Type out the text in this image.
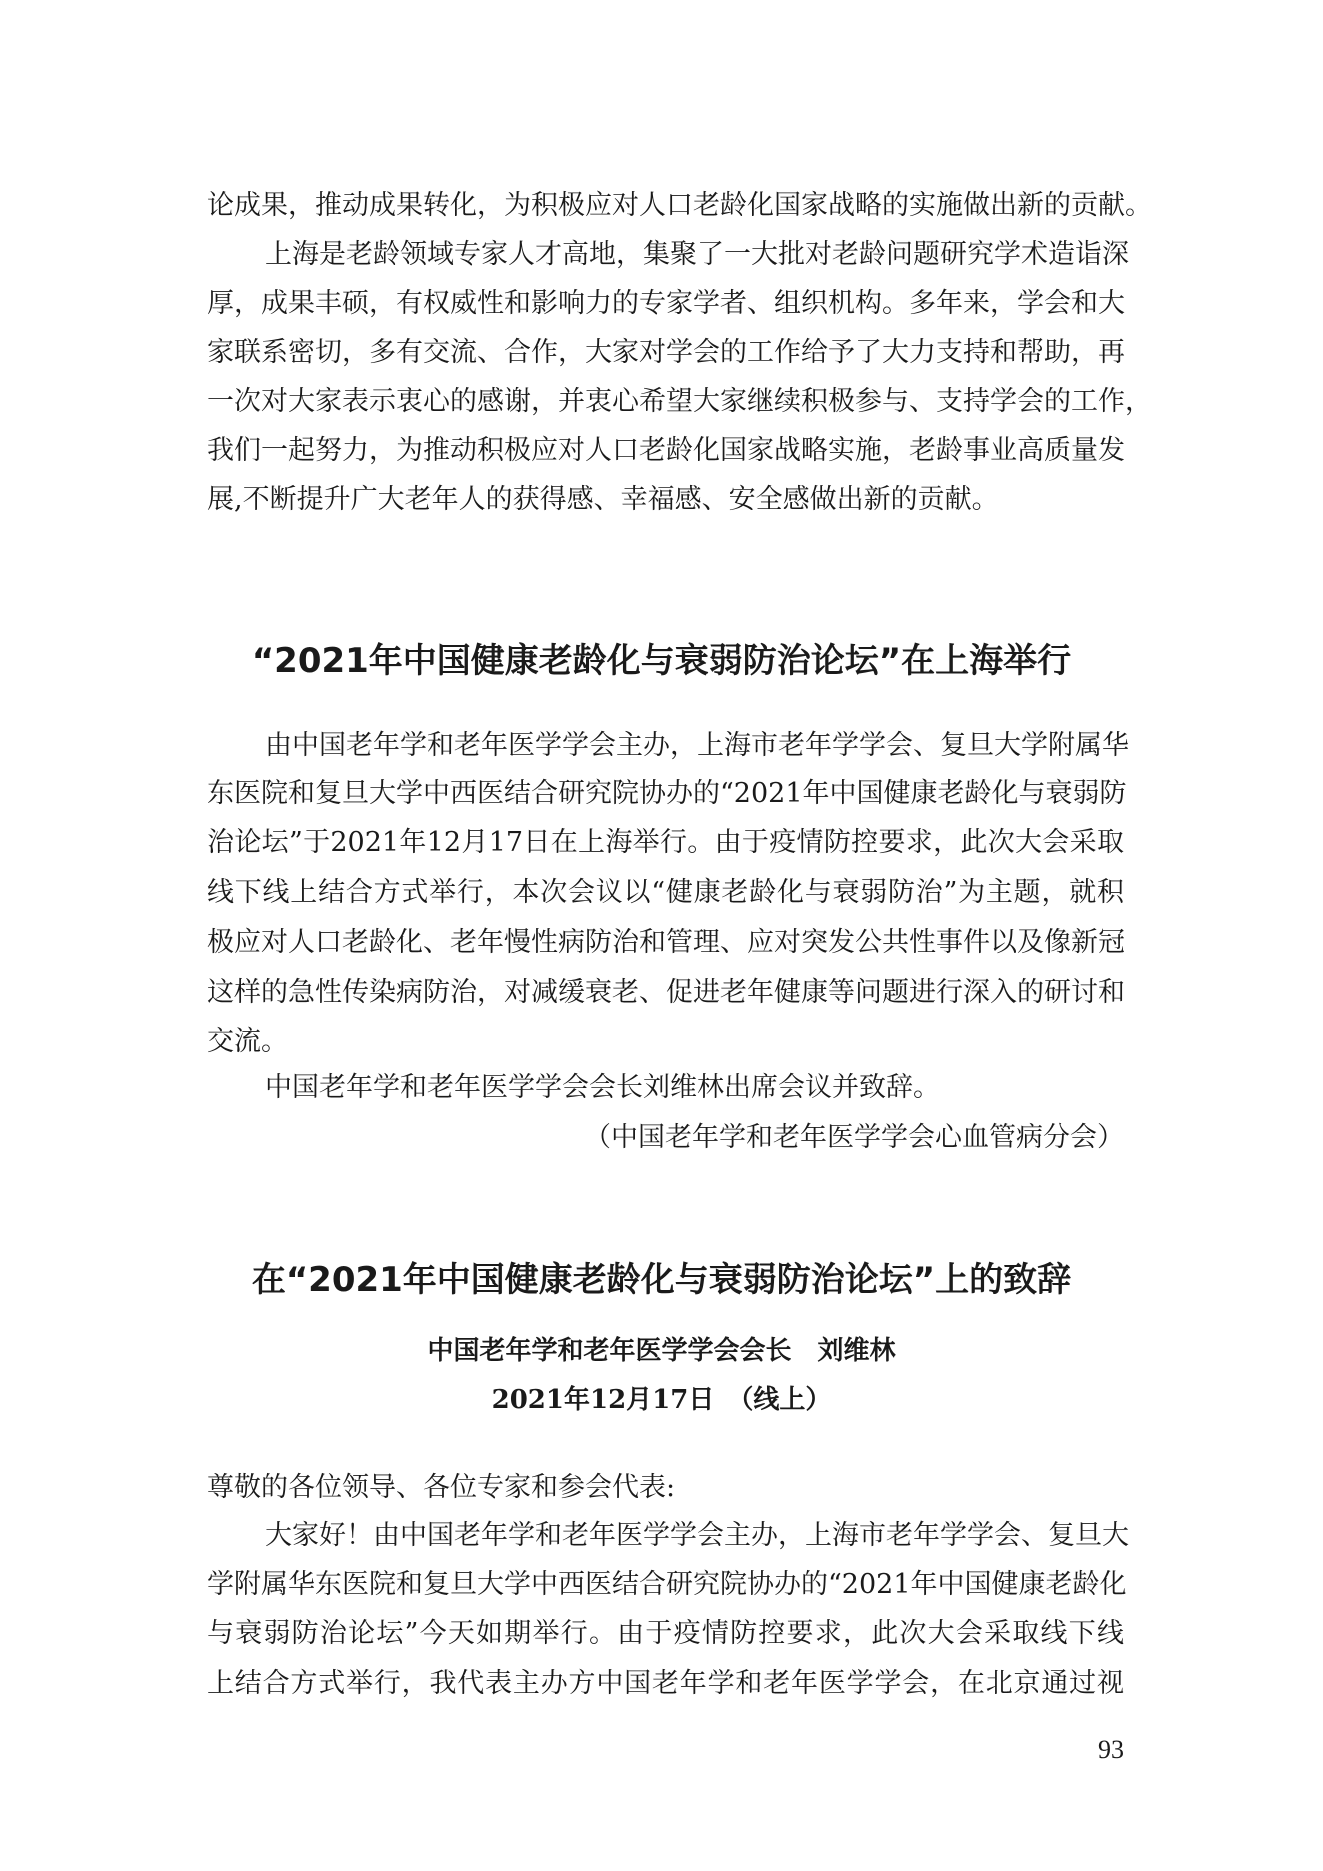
论成果，推动成果转化，为积极应对人口老龄化国家战略的实施做出新的贡献。
上海是老龄领域专家人才高地，集聚了一大批对老龄问题研究学术造诣深
厚，成果丰硕，有权威性和影响力的专家学者、组织机构。多年来，学会和大
家联系密切，多有交流、合作，大家对学会的工作给予了大力支持和帮助，再
一次对大家表示衷心的感谢，并衷心希望大家继续积极参与、支持学会的工作，
我们一起努力，为推动积极应对人口老龄化国家战略实施，老龄事业高质量发
展,不断提升广大老年人的获得感、幸福感、安全感做出新的贡献。
“2021年中国健康老龄化与衰弱防治论坛”在上海举行
由中国老年学和老年医学学会主办，上海市老年学学会、复旦大学附属华
东医院和复旦大学中西医结合研究院协办的“2021年中国健康老龄化与衰弱防
治论坛”于2021年12月17日在上海举行。由于疫情防控要求，此次大会采取
线下线上结合方式举行，本次会议以“健康老龄化与衰弱防治”为主题，就积
极应对人口老龄化、老年慢性病防治和管理、应对突发公共性事件以及像新冠
这样的急性传染病防治，对减缓衰老、促进老年健康等问题进行深入的研讨和
交流。
中国老年学和老年医学学会会长刘维林出席会议并致辞。
（中国老年学和老年医学学会心血管病分会）
在“2021年中国健康老龄化与衰弱防治论坛”上的致辞
中国老年学和老年医学学会会长　刘维林
2021年12月17日　（线上）
尊敬的各位领导、各位专家和参会代表:
大家好！由中国老年学和老年医学学会主办，上海市老年学学会、复旦大
学附属华东医院和复旦大学中西医结合研究院协办的“2021年中国健康老龄化
与衰弱防治论坛”今天如期举行。由于疫情防控要求，此次大会采取线下线
上结合方式举行，我代表主办方中国老年学和老年医学学会，在北京通过视
93
